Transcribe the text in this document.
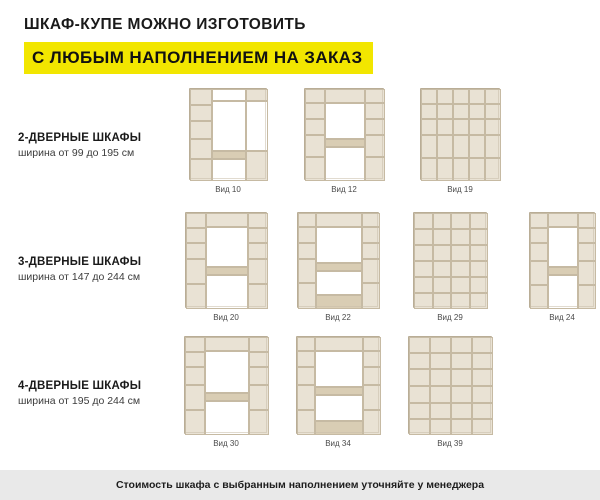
ШКАФ-КУПЕ МОЖНО ИЗГОТОВИТЬ
С ЛЮБЫМ НАПОЛНЕНИЕМ НА ЗАКАЗ
2-ДВЕРНЫЕ ШКАФЫ
ширина от 99 до 195 см
Вид 10	Вид 12	Вид 19
3-ДВЕРНЫЕ ШКАФЫ
ширина от 147 до 244 см
Вид 20	Вид 22	Вид 29	Вид 24
4-ДВЕРНЫЕ ШКАФЫ
ширина от 195 до 244 см
Вид 30	Вид 34	Вид 39
Стоимость шкафа с выбранным наполнением уточняйте у менеджера
